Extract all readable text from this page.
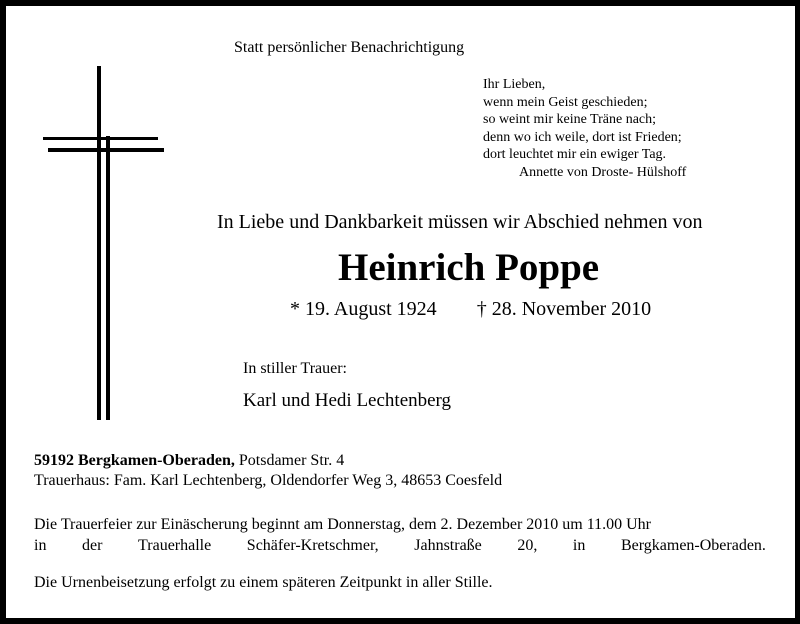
Statt persönlicher Benachrichtigung
Ihr Lieben,
wenn mein Geist geschieden;
so weint mir keine Träne nach;
denn wo ich weile, dort ist Frieden;
dort leuchtet mir ein ewiger Tag.
Annette von Droste- Hülshoff
In Liebe und Dankbarkeit müssen wir Abschied nehmen von
Heinrich Poppe
* 19. August 1924 † 28. November 2010
In stiller Trauer:
Karl und Hedi Lechtenberg
59192 Bergkamen-Oberaden, Potsdamer Str. 4
Trauerhaus: Fam. Karl Lechtenberg, Oldendorfer Weg 3, 48653 Coesfeld
Die Trauerfeier zur Einäscherung beginnt am Donnerstag, dem 2. Dezember 2010 um 11.00 Uhr
in der Trauerhalle Schäfer-Kretschmer, Jahnstraße 20, in Bergkamen-Oberaden.
Die Urnenbeisetzung erfolgt zu einem späteren Zeitpunkt in aller Stille.
